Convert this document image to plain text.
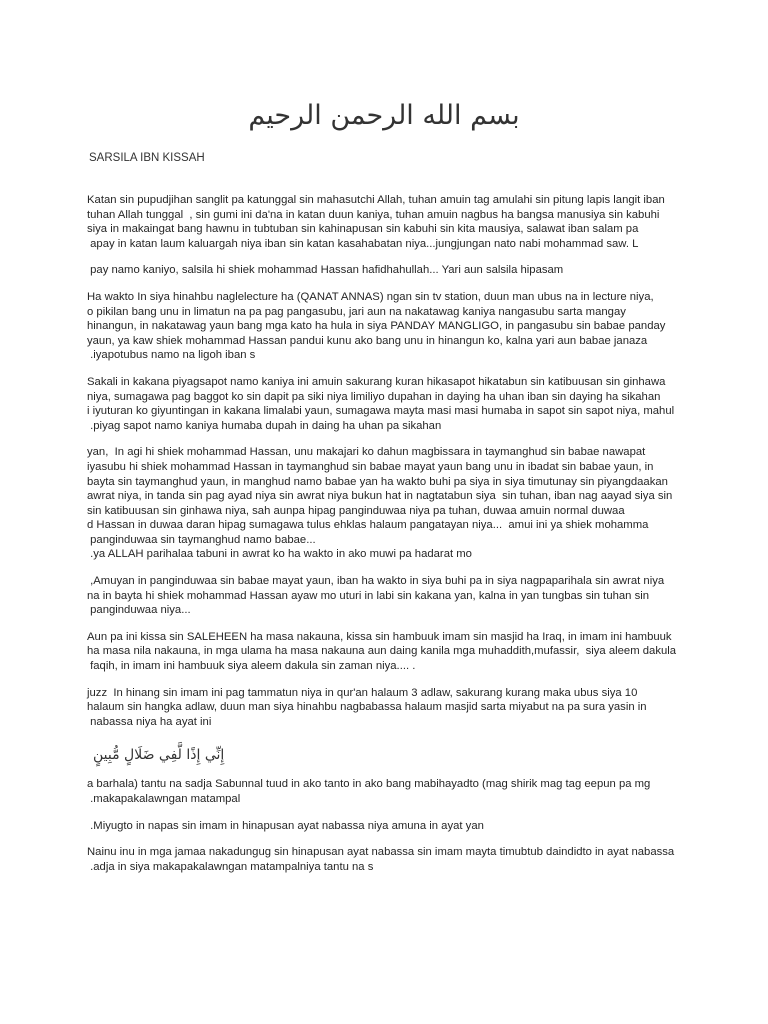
بسم الله الرحمن الرحيم
SARSILA IBN KISSAH
Katan sin pupudjihan sanglit pa katunggal sin mahasutchi Allah, tuhan amuin tag amulahi sin pitung lapis langit iban
tuhan Allah tunggal  , sin gumi ini da'na in katan duun kaniya, tuhan amuin nagbus ha bangsa manusiya sin kabuhi
siya in makaingat bang hawnu in tubtuban sin kahinapusan sin kabuhi sin kita mausiya, salawat iban salam pa
apay in katan laum kaluargah niya iban sin katan kasahabatan niya...jungjungan nato nabi mohammad saw. L
pay namo kaniyo, salsila hi shiek mohammad Hassan hafidhahullah... Yari aun salsila hipasam
Ha wakto In siya hinahbu naglelecture ha (QANAT ANNAS) ngan sin tv station, duun man ubus na in lecture niya,
o pikilan bang unu in limatun na pa pag pangasubu, jari aun na nakatawag kaniya nangasubu sarta mangay
hinangun, in nakatawag yaun bang mga kato ha hula in siya PANDAY MANGLIGO, in pangasubu sin babae panday
yaun, ya kaw shiek mohammad Hassan pandui kunu ako bang unu in hinangun ko, kalna yari aun babae janaza
.iyapotubus namo na ligoh iban s
Sakali in kakana piyagsapot namo kaniya ini amuin sakurang kuran hikasapot hikatabun sin katibuusan sin ginhawa
niya, sumagawa pag baggot ko sin dapit pa siki niya limiliyo dupahan in daying ha uhan iban sin daying ha sikahan
i iyuturan ko giyuntingan in kakana limalabi yaun, sumagawa mayta masi masi humaba in sapot sin sapot niya, mahul
.piyag sapot namo kaniya humaba dupah in daing ha uhan pa sikahan
yan,  In agi hi shiek mohammad Hassan, unu makajari ko dahun magbissara in taymanghud sin babae nawapat
iyasubu hi shiek mohammad Hassan in taymanghud sin babae mayat yaun bang unu in ibadat sin babae yaun, in
bayta sin taymanghud yaun, in manghud namo babae yan ha wakto buhi pa siya in siya timutunay sin piyangdaakan
awrat niya, in tanda sin pag ayad niya sin awrat niya bukun hat in nagtatabun siya  sin tuhan, iban nag aayad siya sin
sin katibuusan sin ginhawa niya, sah aunpa hipag panginduwaa niya pa tuhan, duwaa amuin normal duwaa
d Hassan in duwaa daran hipag sumagawa tulus ehklas halaum pangatayan niya...  amui ini ya shiek mohamma
panginduwaa sin taymanghud namo babae...
.ya ALLAH parihalaa tabuni in awrat ko ha wakto in ako muwi pa hadarat mo
,Amuyan in panginduwaa sin babae mayat yaun, iban ha wakto in siya buhi pa in siya nagpaparihala sin awrat niya
na in bayta hi shiek mohammad Hassan ayaw mo uturi in labi sin kakana yan, kalna in yan tungbas sin tuhan sin
panginduwaa niya...
Aun pa ini kissa sin SALEHEEN ha masa nakauna, kissa sin hambuuk imam sin masjid ha Iraq, in imam ini hambuuk
ha masa nila nakauna, in mga ulama ha masa nakauna aun daing kanila mga muhaddith,mufassir,  siya aleem dakula
faqih, in imam ini hambuuk siya aleem dakula sin zaman niya.... .
juzz  In hinang sin imam ini pag tammatun niya in qur'an halaum 3 adlaw, sakurang kurang maka ubus siya 10
halaum sin hangka adlaw, duun man siya hinahbu nagbabassa halaum masjid sarta miyabut na pa sura yasin in
nabassa niya ha ayat ini
إِنِّي إِذًا لَّفِي ضَلَالٍ مُّبِينٍ
a barhala) tantu na sadja Sabunnal tuud in ako tanto in ako bang mabihayadto (mag shirik mag tag eepun pa mg
.makapakalawngan matampal
.Miyugto in napas sin imam in hinapusan ayat nabassa niya amuna in ayat yan
Nainu inu in mga jamaa nakadungug sin hinapusan ayat nabassa sin imam mayta timubtub daindidto in ayat nabassa
.adja in siya makapakalawngan matampalniya tantu na s
